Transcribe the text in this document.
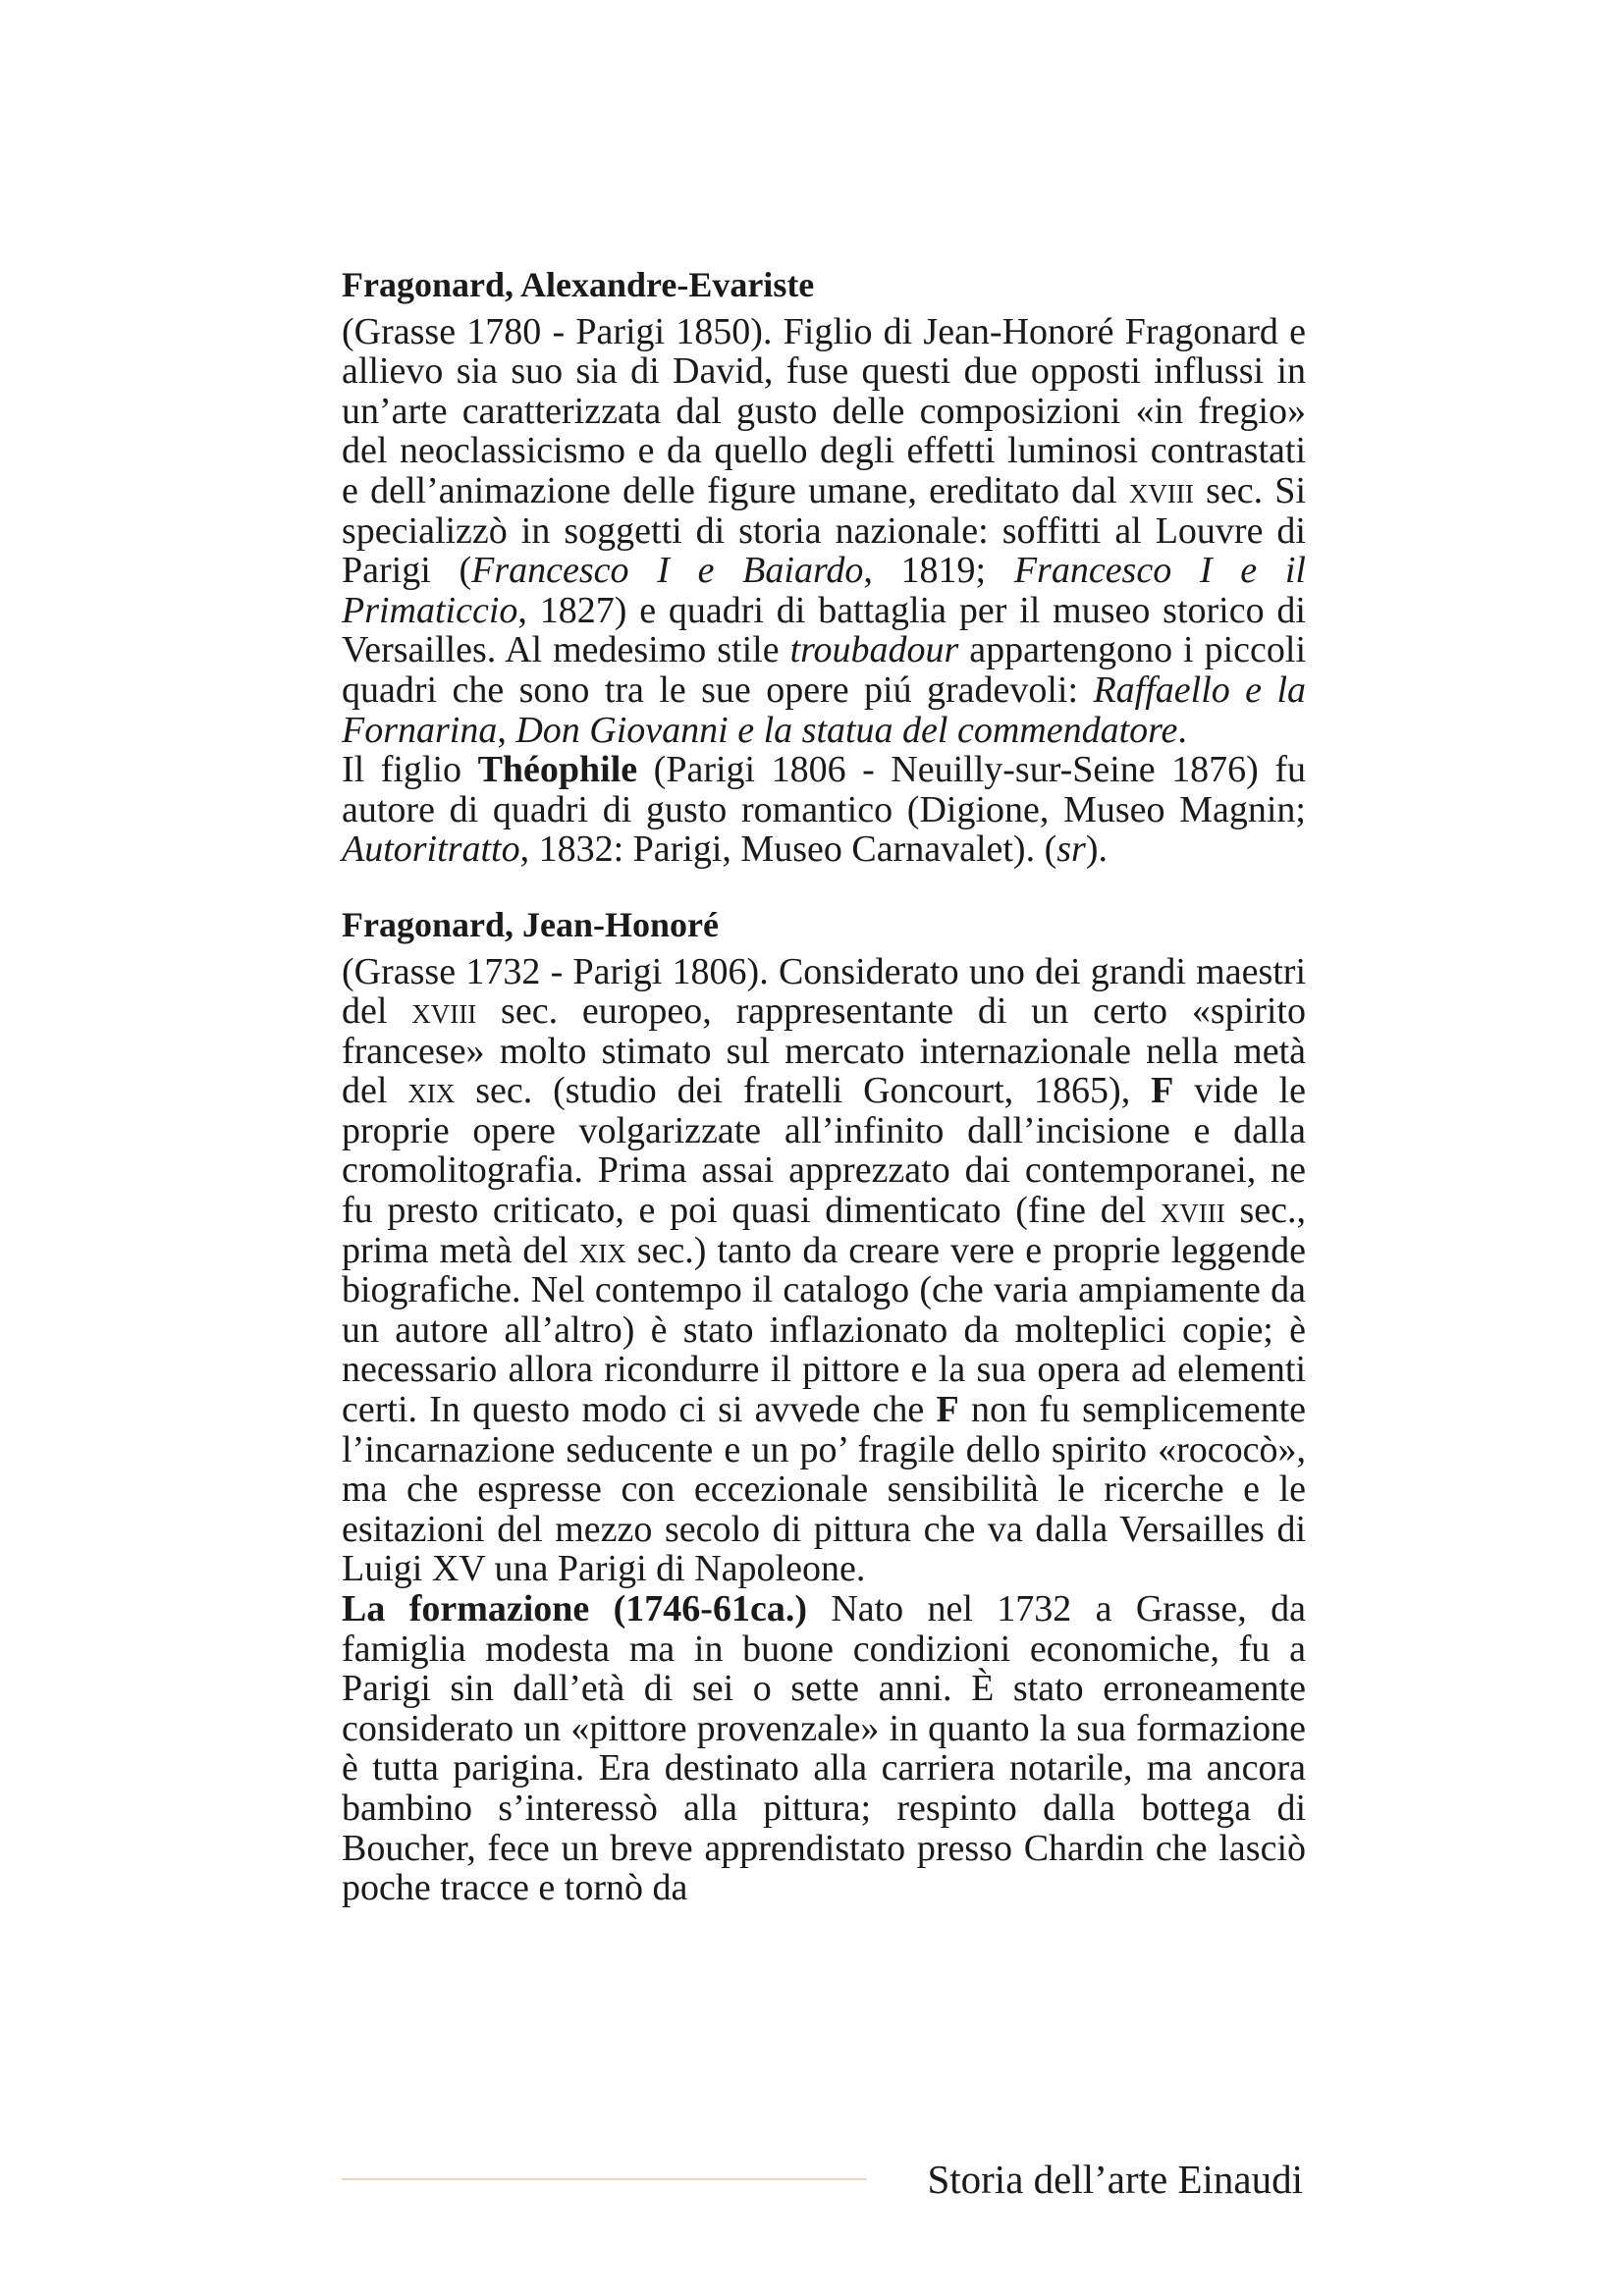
Fragonard, Alexandre-Evariste

(Grasse 1780 - Parigi 1850). Figlio di Jean-Honoré Fragonard e allievo sia suo sia di David, fuse questi due opposti influssi in un’arte caratterizzata dal gusto delle composizioni «in fregio» del neoclassicismo e da quello degli effetti luminosi contrastati e dell’animazione delle figure umane, ereditato dal xviii sec. Si specializzò in soggetti di storia nazionale: soffitti al Louvre di Parigi (Francesco I e Baiardo, 1819; Francesco I e il Primaticcio, 1827) e quadri di battaglia per il museo storico di Versailles. Al medesimo stile troubadour appartengono i piccoli quadri che sono tra le sue opere piú gradevoli: Raffaello e la Fornarina, Don Giovanni e la statua del commendatore.

Il figlio Théophile (Parigi 1806 - Neuilly-sur-Seine 1876) fu autore di quadri di gusto romantico (Digione, Museo Magnin; Autoritratto, 1832: Parigi, Museo Carnavalet). (sr).

Fragonard, Jean-Honoré

(Grasse 1732 - Parigi 1806). Considerato uno dei grandi maestri del xviii sec. europeo, rappresentante di un certo «spirito francese» molto stimato sul mercato internazionale nella metà del xix sec. (studio dei fratelli Goncourt, 1865), F vide le proprie opere volgarizzate all’infinito dall’incisione e dalla cromolitografia. Prima assai apprezzato dai contemporanei, ne fu presto criticato, e poi quasi dimenticato (fine del xviii sec., prima metà del xix sec.) tanto da creare vere e proprie leggende biografiche. Nel contempo il catalogo (che varia ampiamente da un autore all’altro) è stato inflazionato da molteplici copie; è necessario allora ricondurre il pittore e la sua opera ad elementi certi. In questo modo ci si avvede che F non fu semplicemente l’incarnazione seducente e un po’ fragile dello spirito «rococò», ma che espresse con eccezionale sensibilità le ricerche e le esitazioni del mezzo secolo di pittura che va dalla Versailles di Luigi XV una Parigi di Napoleone.

La formazione (1746-61ca.) Nato nel 1732 a Grasse, da famiglia modesta ma in buone condizioni economiche, fu a Parigi sin dall’età di sei o sette anni. È stato erroneamente considerato un «pittore provenzale» in quanto la sua formazione è tutta parigina. Era destinato alla carriera notarile, ma ancora bambino s’interessò alla pittura; respinto dalla bottega di Boucher, fece un breve apprendistato presso Chardin che lasciò poche tracce e tornò da

Storia dell’arte Einaudi
